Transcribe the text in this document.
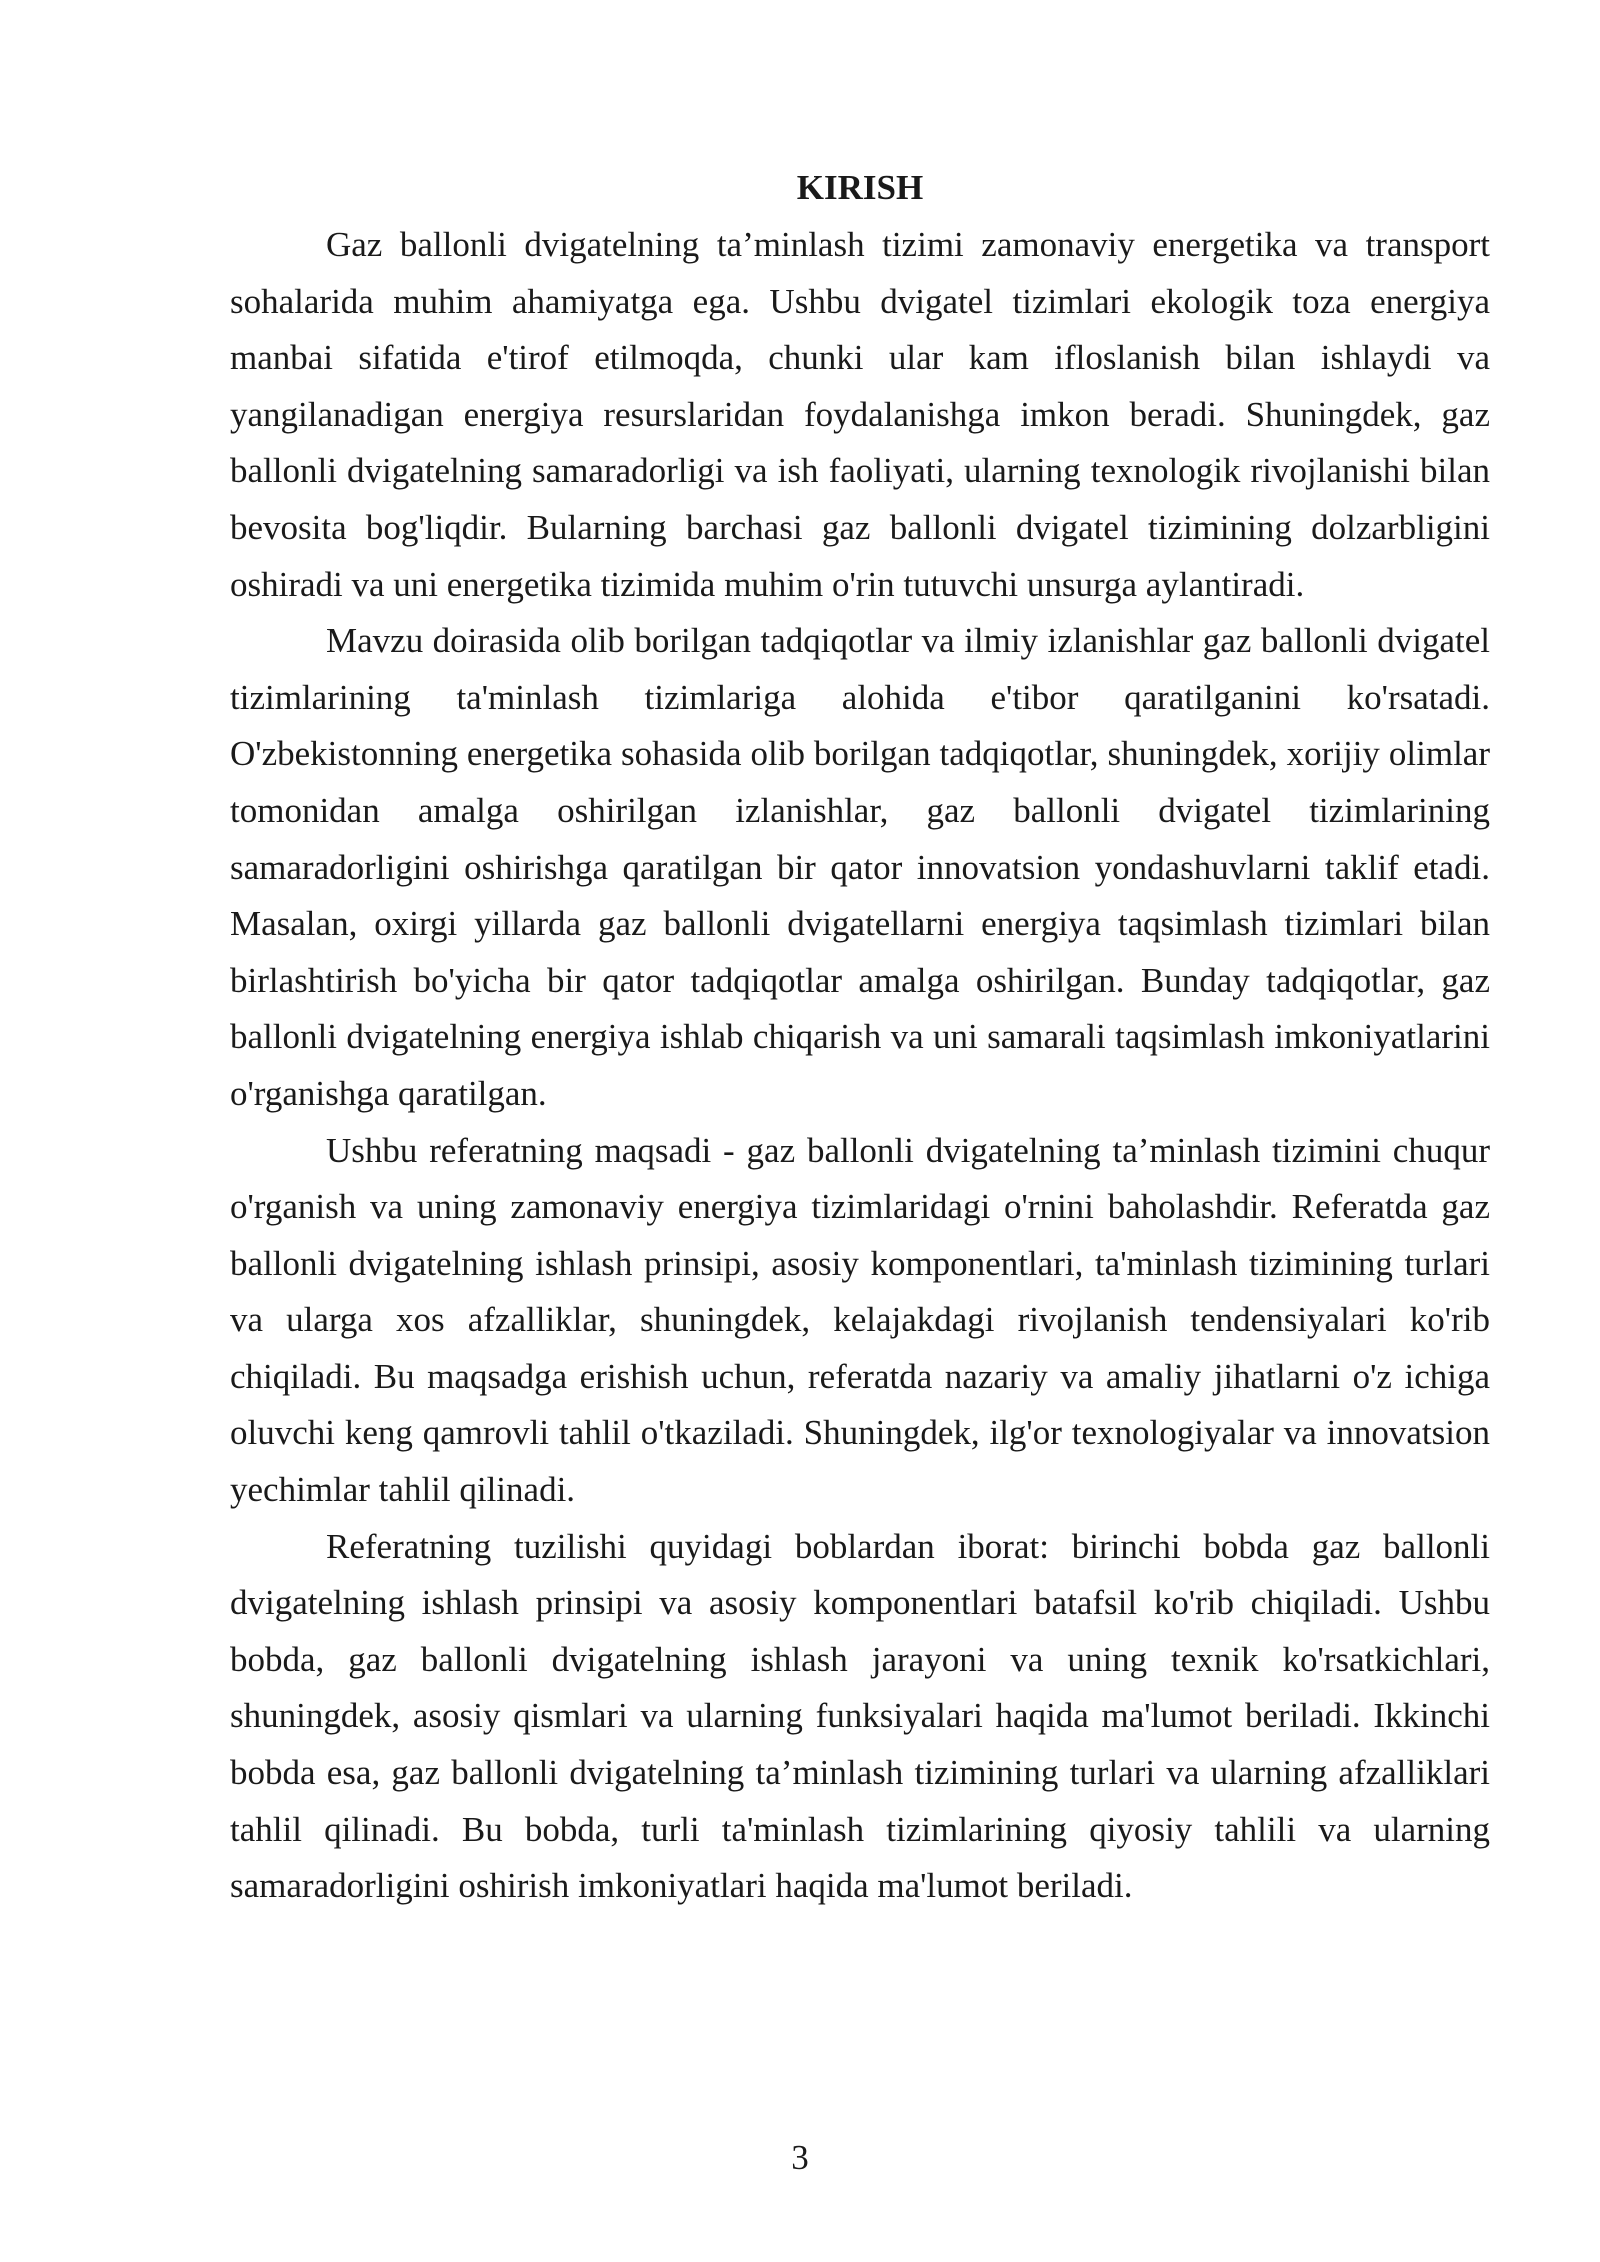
KIRISH

Gaz ballonli dvigatelning ta’minlash tizimi zamonaviy energetika va transport sohalarida muhim ahamiyatga ega. Ushbu dvigatel tizimlari ekologik toza energiya manbai sifatida e'tirof etilmoqda, chunki ular kam ifloslanish bilan ishlaydi va yangilanadigan energiya resurslaridan foydalanishga imkon beradi. Shuningdek, gaz ballonli dvigatelning samaradorligi va ish faoliyati, ularning texnologik rivojlanishi bilan bevosita bog'liqdir. Bularning barchasi gaz ballonli dvigatel tizimining dolzarbligini oshiradi va uni energetika tizimida muhim o'rin tutuvchi unsurga aylantiradi.

Mavzu doirasida olib borilgan tadqiqotlar va ilmiy izlanishlar gaz ballonli dvigatel tizimlarining ta'minlash tizimlariga alohida e'tibor qaratilganini ko'rsatadi. O'zbekistonning energetika sohasida olib borilgan tadqiqotlar, shuningdek, xorijiy olimlar tomonidan amalga oshirilgan izlanishlar, gaz ballonli dvigatel tizimlarining samaradorligini oshirishga qaratilgan bir qator innovatsion yondashuvlarni taklif etadi. Masalan, oxirgi yillarda gaz ballonli dvigatellarni energiya taqsimlash tizimlari bilan birlashtirish bo'yicha bir qator tadqiqotlar amalga oshirilgan. Bunday tadqiqotlar, gaz ballonli dvigatelning energiya ishlab chiqarish va uni samarali taqsimlash imkoniyatlarini o'rganishga qaratilgan.

Ushbu referatning maqsadi - gaz ballonli dvigatelning ta’minlash tizimini chuqur o'rganish va uning zamonaviy energiya tizimlaridagi o'rnini baholashdir. Referatda gaz ballonli dvigatelning ishlash prinsipi, asosiy komponentlari, ta'minlash tizimining turlari va ularga xos afzalliklar, shuningdek, kelajakdagi rivojlanish tendensiyalari ko'rib chiqiladi. Bu maqsadga erishish uchun, referatda nazariy va amaliy jihatlarni o'z ichiga oluvchi keng qamrovli tahlil o'tkaziladi. Shuningdek, ilg'or texnologiyalar va innovatsion yechimlar tahlil qilinadi.

Referatning tuzilishi quyidagi boblardan iborat: birinchi bobda gaz ballonli dvigatelning ishlash prinsipi va asosiy komponentlari batafsil ko'rib chiqiladi. Ushbu bobda, gaz ballonli dvigatelning ishlash jarayoni va uning texnik ko'rsatkichlari, shuningdek, asosiy qismlari va ularning funksiyalari haqida ma'lumot beriladi. Ikkinchi bobda esa, gaz ballonli dvigatelning ta’minlash tizimining turlari va ularning afzalliklari tahlil qilinadi. Bu bobda, turli ta'minlash tizimlarining qiyosiy tahlili va ularning samaradorligini oshirish imkoniyatlari haqida ma'lumot beriladi.

3
